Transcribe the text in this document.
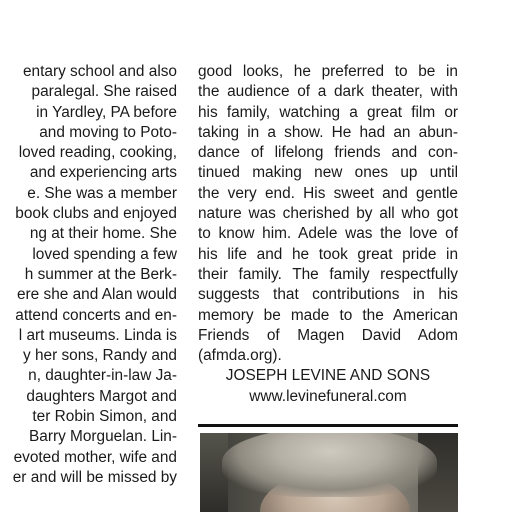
entary school and also
paralegal. She raised
in Yardley, PA before
and moving to Poto-
loved reading, cooking,
and experiencing arts
e. She was a member
book clubs and enjoyed
ng at their home. She
loved spending a few
h summer at the Berk-
ere she and Alan would
attend concerts and en-
l art museums. Linda is
y her sons, Randy and
n, daughter-in-law Ja-
daughters Margot and
ter Robin Simon, and
Barry Morguelan. Lin-
evoted mother, wife and
er and will be missed by
good looks, he preferred to be in
the audience of a dark theater, with
his family, watching a great film or
taking in a show. He had an abun-
dance of lifelong friends and con-
tinued making new ones up until
the very end. His sweet and gentle
nature was cherished by all who got
to know him. Adele was the love of
his life and he took great pride in
their family. The family respectfully
suggests that contributions in his
memory be made to the American
Friends of Magen David Adom
(afmda.org).
JOSEPH LEVINE AND SONS
www.levinefuneral.com
